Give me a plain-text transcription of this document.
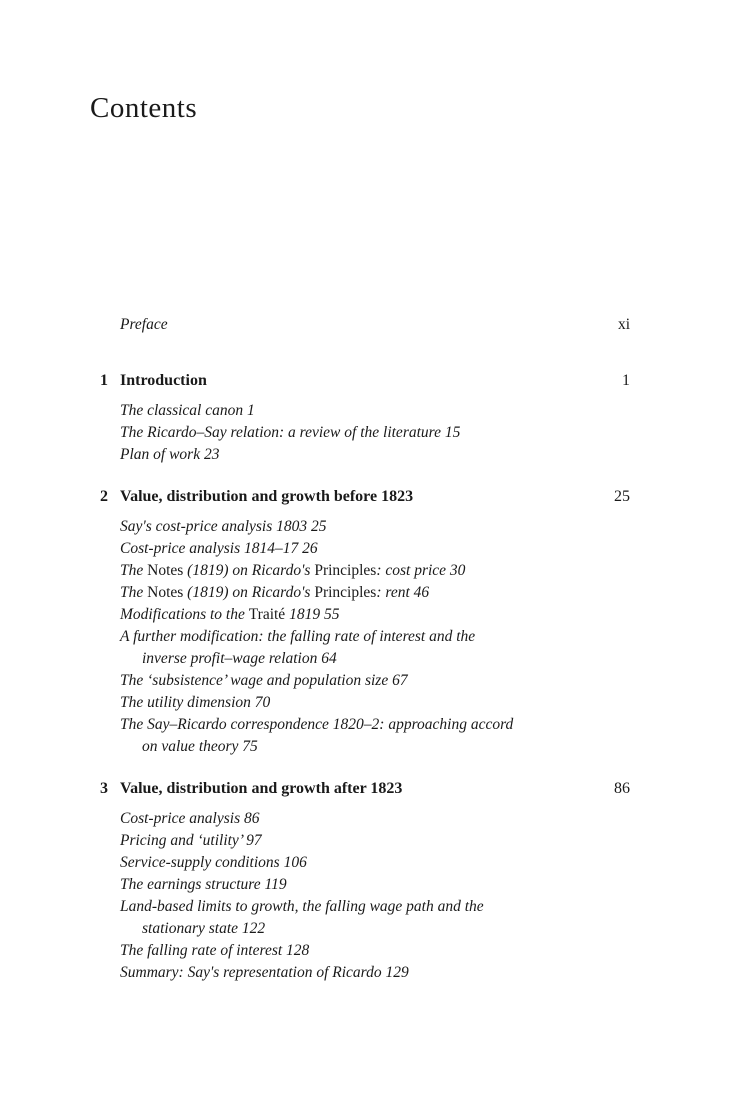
Contents
Preface	xi
1 Introduction	1
The classical canon 1
The Ricardo–Say relation: a review of the literature 15
Plan of work 23
2 Value, distribution and growth before 1823	25
Say's cost-price analysis 1803 25
Cost-price analysis 1814–17 26
The Notes (1819) on Ricardo's Principles: cost price 30
The Notes (1819) on Ricardo's Principles: rent 46
Modifications to the Traité 1819 55
A further modification: the falling rate of interest and the
inverse profit–wage relation 64
The ‘subsistence’ wage and population size 67
The utility dimension 70
The Say–Ricardo correspondence 1820–2: approaching accord
on value theory 75
3 Value, distribution and growth after 1823	86
Cost-price analysis 86
Pricing and ‘utility’ 97
Service-supply conditions 106
The earnings structure 119
Land-based limits to growth, the falling wage path and the
stationary state 122
The falling rate of interest 128
Summary: Say's representation of Ricardo 129
